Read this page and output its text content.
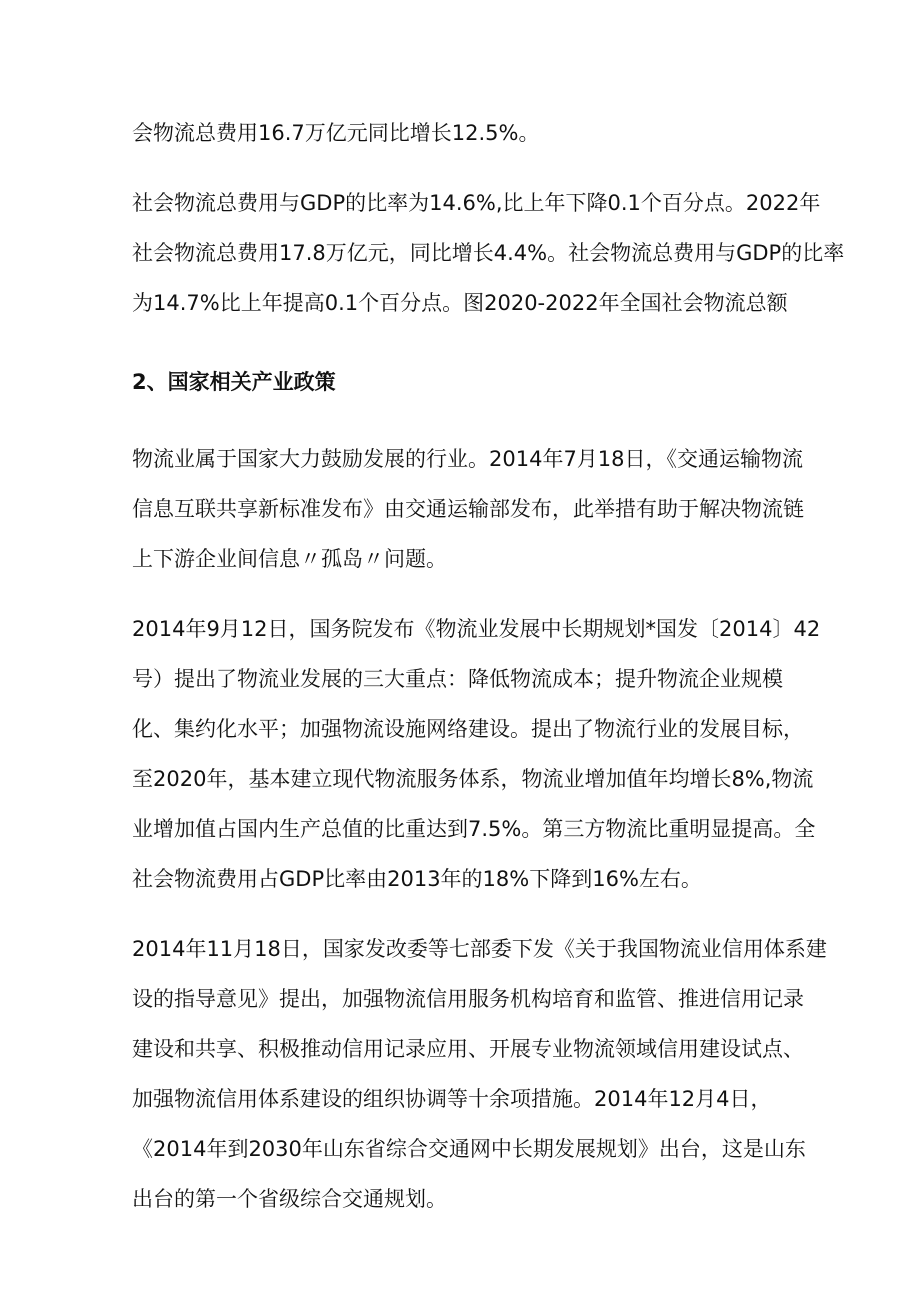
会物流总费用16.7万亿元同比增长12.5%。
社会物流总费用与GDP的比率为14.6%,比上年下降0.1个百分点。2022年
社会物流总费用17.8万亿元，同比增长4.4%。社会物流总费用与GDP的比率
为14.7%比上年提高0.1个百分点。图2020-2022年全国社会物流总额
2、国家相关产业政策
物流业属于国家大力鼓励发展的行业。2014年7月18日，《交通运输物流
信息互联共享新标准发布》由交通运输部发布，此举措有助于解决物流链
上下游企业间信息〃孤岛〃问题。
2014年9月12日，国务院发布《物流业发展中长期规划*国发〔2014〕42
号）提出了物流业发展的三大重点：降低物流成本；提升物流企业规模
化、集约化水平；加强物流设施网络建设。提出了物流行业的发展目标，
至2020年，基本建立现代物流服务体系，物流业增加值年均增长8%,物流
业增加值占国内生产总值的比重达到7.5%。第三方物流比重明显提高。全
社会物流费用占GDP比率由2013年的18%下降到16%左右。
2014年11月18日，国家发改委等七部委下发《关于我国物流业信用体系建
设的指导意见》提出，加强物流信用服务机构培育和监管、推进信用记录
建设和共享、积极推动信用记录应用、开展专业物流领域信用建设试点、
加强物流信用体系建设的组织协调等十余项措施。2014年12月4日，
《2014年到2030年山东省综合交通网中长期发展规划》出台，这是山东
出台的第一个省级综合交通规划。
